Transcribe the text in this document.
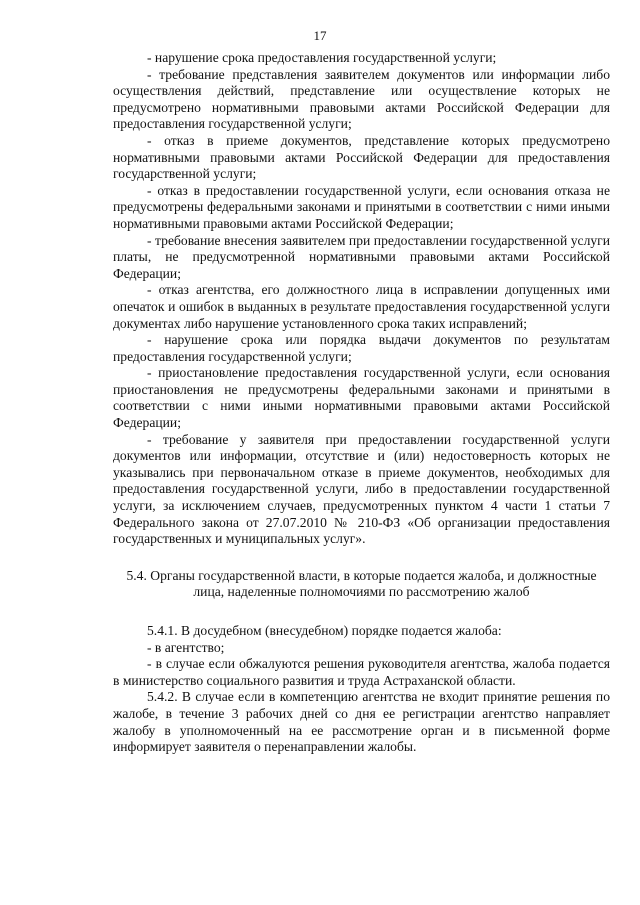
17

- нарушение срока предоставления государственной услуги;

- требование представления заявителем документов или информации либо осуществления действий, представление или осуществление которых не предусмотрено нормативными правовыми актами Российской Федерации для предоставления государственной услуги;

- отказ в приеме документов, представление которых предусмотрено нормативными правовыми актами Российской Федерации для предоставления государственной услуги;

- отказ в предоставлении государственной услуги, если основания отказа не предусмотрены федеральными законами и принятыми в соответствии с ними иными нормативными правовыми актами Российской Федерации;

- требование внесения заявителем при предоставлении государственной услуги платы, не предусмотренной нормативными правовыми актами Российской Федерации;

- отказ агентства, его должностного лица в исправлении допущенных ими опечаток и ошибок в выданных в результате предоставления государственной услуги документах либо нарушение установленного срока таких исправлений;

- нарушение срока или порядка выдачи документов по результатам предоставления государственной услуги;

- приостановление предоставления государственной услуги, если основания приостановления не предусмотрены федеральными законами и принятыми в соответствии с ними иными нормативными правовыми актами Российской Федерации;

- требование у заявителя при предоставлении государственной услуги документов или информации, отсутствие и (или) недостоверность которых не указывались при первоначальном отказе в приеме документов, необходимых для предоставления государственной услуги, либо в предоставлении государственной услуги, за исключением случаев, предусмотренных пунктом 4 части 1 статьи 7 Федерального закона от 27.07.2010 № 210-ФЗ «Об организации предоставления государственных и муниципальных услуг».

5.4. Органы государственной власти, в которые подается жалоба, и должностные лица, наделенные полномочиями по рассмотрению жалоб

5.4.1. В досудебном (внесудебном) порядке подается жалоба:

- в агентство;

- в случае если обжалуются решения руководителя агентства, жалоба подается в министерство социального развития и труда Астраханской области.

5.4.2. В случае если в компетенцию агентства не входит принятие решения по жалобе, в течение 3 рабочих дней со дня ее регистрации агентство направляет жалобу в уполномоченный на ее рассмотрение орган и в письменной форме информирует заявителя о перенаправлении жалобы.
